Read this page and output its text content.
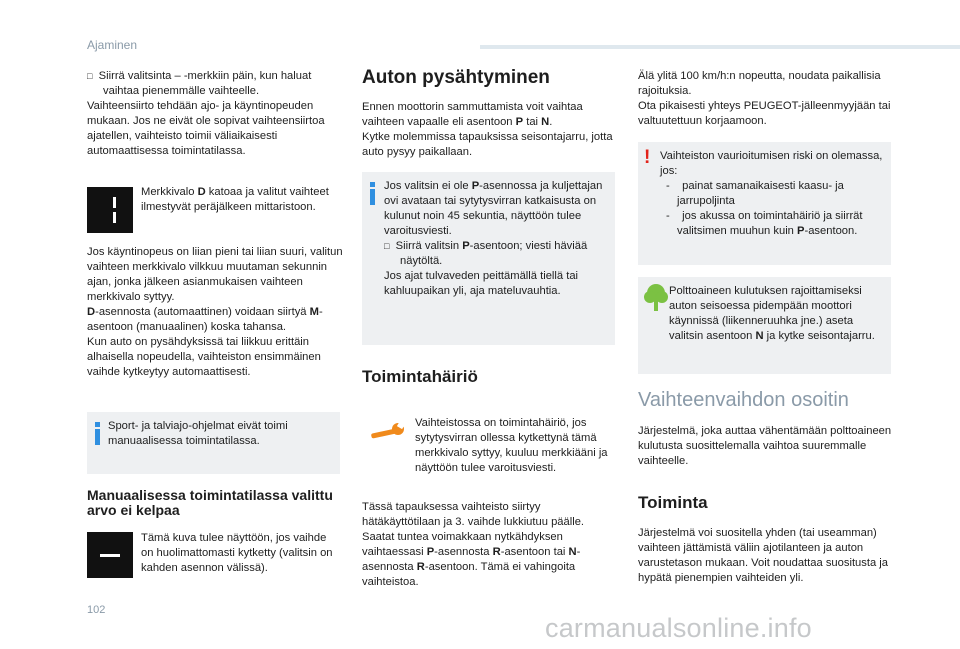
Ajaminen

□ Siirrä valitsinta – -merkkiin päin, kun haluat vaihtaa pienemmälle vaihteelle.

Vaihteensiirto tehdään ajo- ja käyntinopeuden mukaan. Jos ne eivät ole sopivat vaihteensiirtoa ajatellen, vaihteisto toimii väliaikaisesti automaattisessa toimintatilassa.

Merkkivalo D katoaa ja valitut vaihteet ilmestyvät peräjälkeen mittaristoon.

Jos käyntinopeus on liian pieni tai liian suuri, valitun vaihteen merkkivalo vilkkuu muutaman sekunnin ajan, jonka jälkeen asianmukaisen vaihteen merkkivalo syttyy.

D-asennosta (automaattinen) voidaan siirtyä M-asentoon (manuaalinen) koska tahansa.

Kun auto on pysähdyksissä tai liikkuu erittäin alhaisella nopeudella, vaihteiston ensimmäinen vaihde kytkeytyy automaattisesti.

Sport- ja talviajo-ohjelmat eivät toimi manuaalisessa toimintatilassa.

Manuaalisessa toimintatilassa valittu arvo ei kelpaa

Tämä kuva tulee näyttöön, jos vaihde on huolimattomasti kytketty (valitsin on kahden asennon välissä).

Auton pysähtyminen

Ennen moottorin sammuttamista voit vaihtaa vaihteen vapaalle eli asentoon P tai N.

Kytke molemmissa tapauksissa seisontajarru, jotta auto pysyy paikallaan.

Jos valitsin ei ole P-asennossa ja kuljettajan ovi avataan tai sytytysvirran katkaisusta on kulunut noin 45 sekuntia, näyttöön tulee varoitusviesti.

□ Siirrä valitsin P-asentoon; viesti häviää näytöltä.

Jos ajat tulvaveden peittämällä tiellä tai kahluupaikan yli, aja mateluvauhtia.

Toimintahäiriö

Vaihteistossa on toimintahäiriö, jos sytytysvirran ollessa kytkettynä tämä merkkivalo syttyy, kuuluu merkkiääni ja näyttöön tulee varoitusviesti.

Tässä tapauksessa vaihteisto siirtyy hätäkäyttötilaan ja 3. vaihde lukkiutuu päälle. Saatat tuntea voimakkaan nytkähdyksen vaihtaessasi P-asennosta R-asentoon tai N-asennosta R-asentoon. Tämä ei vahingoita vaihteistoa.

Älä ylitä 100 km/h:n nopeutta, noudata paikallisia rajoituksia.

Ota pikaisesti yhteys PEUGEOT-jälleenmyyjään tai valtuutettuun korjaamoon.

! Vaihteiston vaurioitumisen riski on olemassa, jos:

-    painat samanaikaisesti kaasu- ja jarrupoljinta

-    jos akussa on toimintahäiriö ja siirrät valitsimen muuhun kuin P-asentoon.

Polttoaineen kulutuksen rajoittamiseksi auton seisoessa pidempään moottori käynnissä (liikenneruuhka jne.) aseta valitsin asentoon N ja kytke seisontajarru.

Vaihteenvaihdon osoitin

Järjestelmä, joka auttaa vähentämään polttoaineen kulutusta suosittelemalla vaihtoa suuremmalle vaihteelle.

Toiminta

Järjestelmä voi suositella yhden (tai useamman) vaihteen jättämistä väliin ajotilanteen ja auton varustetason mukaan. Voit noudattaa suositusta ja hypätä pienempien vaihteiden yli.

102
carmanualsonline.info
